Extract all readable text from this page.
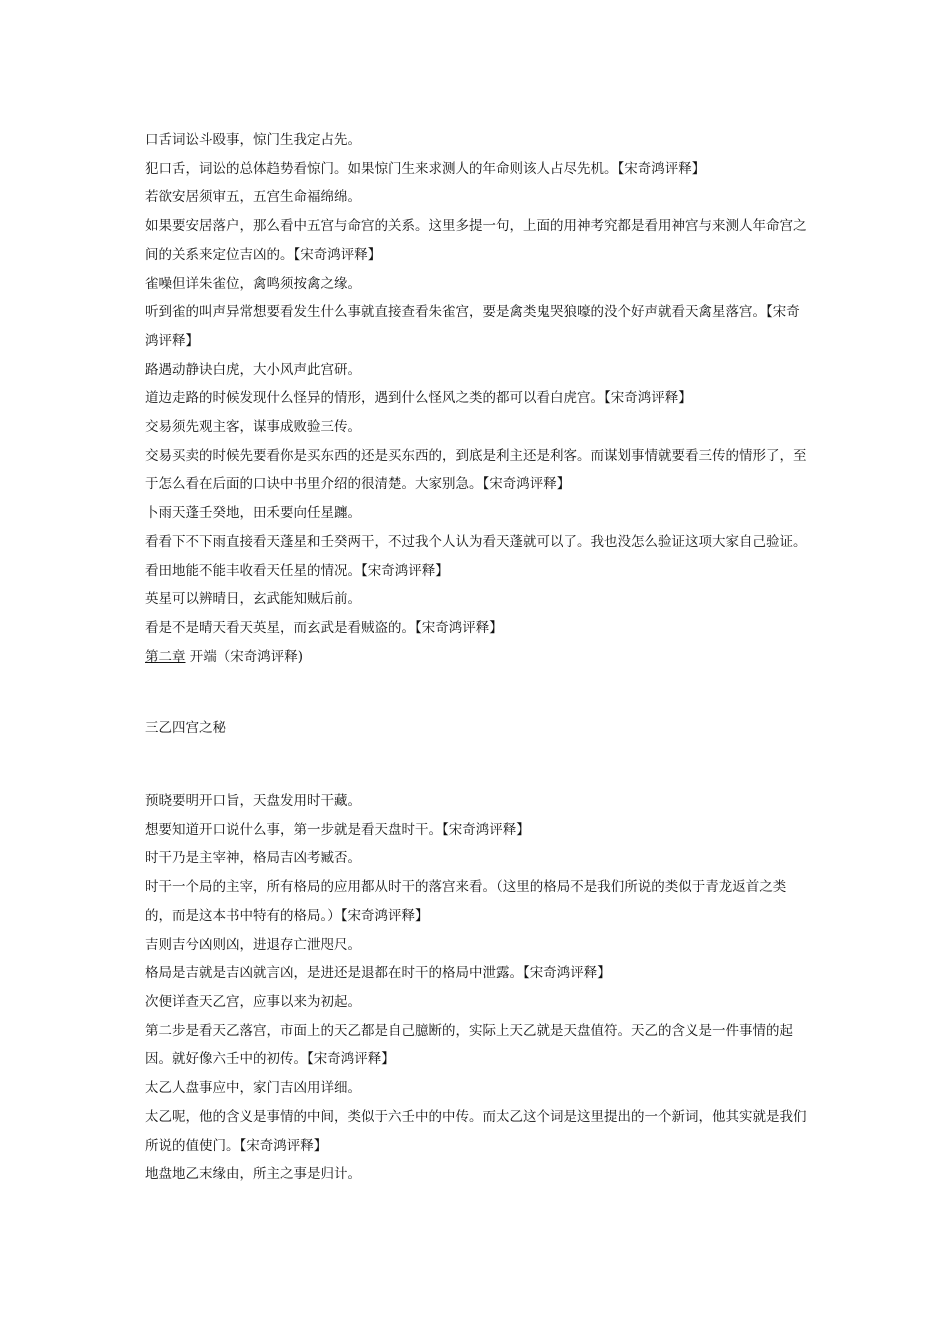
口舌词讼斗殴事，惊门生我定占先。

犯口舌，词讼的总体趋势看惊门。如果惊门生来求测人的年命则该人占尽先机。【宋奇鸿评释】

若欲安居须审五，五宫生命福绵绵。

如果要安居落户，那么看中五宫与命宫的关系。这里多提一句，上面的用神考究都是看用神宫与来测人年命宫之间的关系来定位吉凶的。【宋奇鸿评释】

雀噪但详朱雀位，禽鸣须按禽之缘。

听到雀的叫声异常想要看发生什么事就直接查看朱雀宫，要是禽类鬼哭狼嚎的没个好声就看天禽星落宫。【宋奇鸿评释】

路遇动静诀白虎，大小风声此宫研。

道边走路的时候发现什么怪异的情形，遇到什么怪风之类的都可以看白虎宫。【宋奇鸿评释】

交易须先观主客，谋事成败验三传。

交易买卖的时候先要看你是买东西的还是买东西的，到底是利主还是利客。而谋划事情就要看三传的情形了，至于怎么看在后面的口诀中书里介绍的很清楚。大家别急。【宋奇鸿评释】

卜雨天蓬壬癸地，田禾要向任星躔。

看看下不下雨直接看天蓬星和壬癸两干，不过我个人认为看天蓬就可以了。我也没怎么验证这项大家自己验证。看田地能不能丰收看天任星的情况。【宋奇鸿评释】

英星可以辨晴日，玄武能知贼后前。

看是不是晴天看天英星，而玄武是看贼盗的。【宋奇鸿评释】

第二章 开端（宋奇鸿评释)

三乙四宫之秘

预晓要明开口旨，天盘发用时干藏。

想要知道开口说什么事，第一步就是看天盘时干。【宋奇鸿评释】

时干乃是主宰神，格局吉凶考臧否。

时干一个局的主宰，所有格局的应用都从时干的落宫来看。（这里的格局不是我们所说的类似于青龙返首之类的，而是这本书中特有的格局。）【宋奇鸿评释】

吉则吉兮凶则凶，进退存亡泄咫尺。

格局是吉就是吉凶就言凶，是进还是退都在时干的格局中泄露。【宋奇鸿评释】

次便详查天乙宫，应事以来为初起。

第二步是看天乙落宫，市面上的天乙都是自己臆断的，实际上天乙就是天盘值符。天乙的含义是一件事情的起因。就好像六壬中的初传。【宋奇鸿评释】

太乙人盘事应中，家门吉凶用详细。

太乙呢，他的含义是事情的中间，类似于六壬中的中传。而太乙这个词是这里提出的一个新词，他其实就是我们所说的值使门。【宋奇鸿评释】

地盘地乙末缘由，所主之事是归计。
